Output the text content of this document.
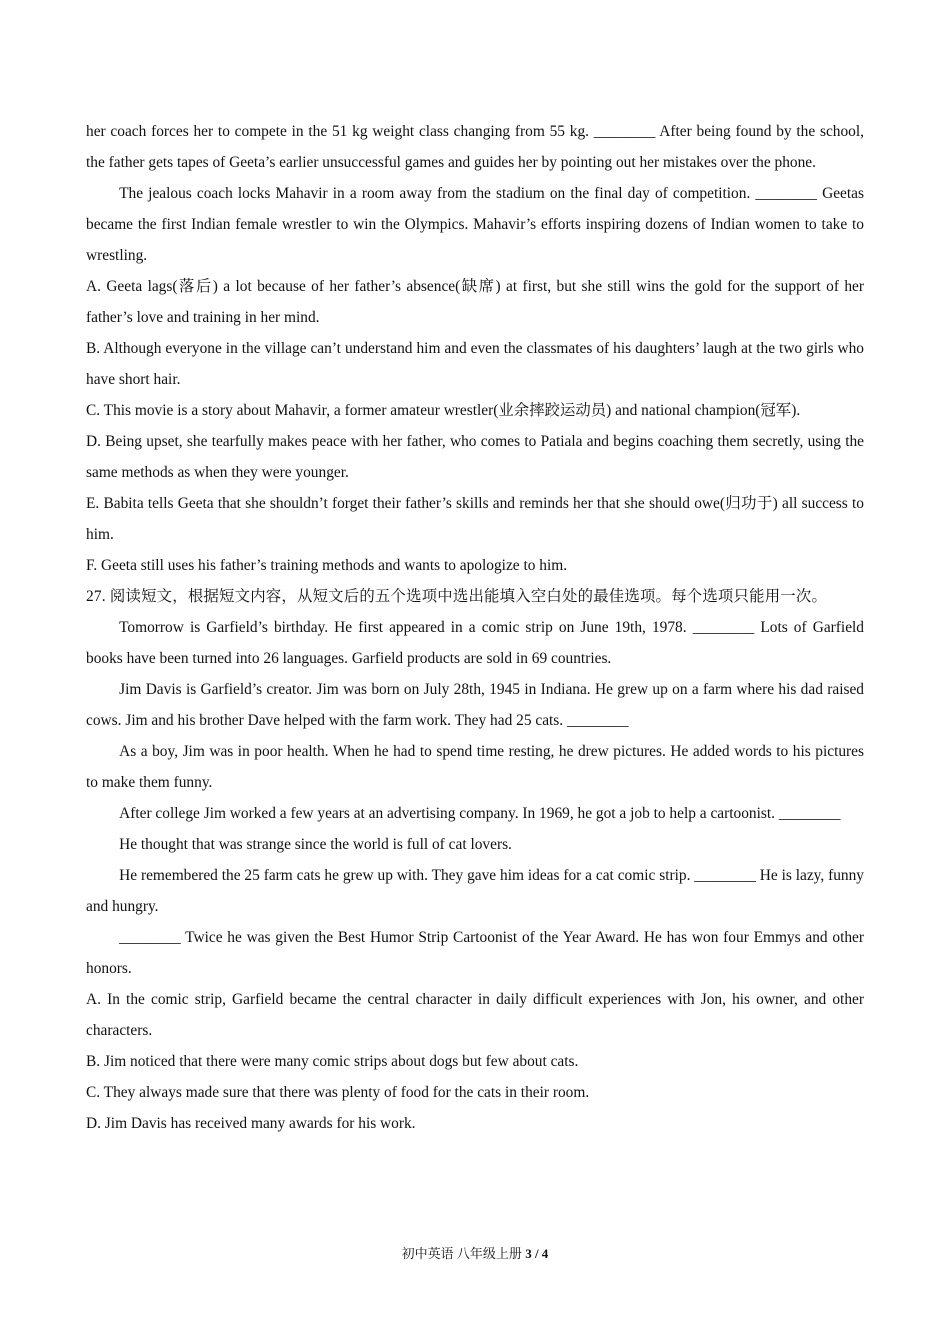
her coach forces her to compete in the 51 kg weight class changing from 55 kg. ________ After being found by the school, the father gets tapes of Geeta’s earlier unsuccessful games and guides her by pointing out her mistakes over the phone.

The jealous coach locks Mahavir in a room away from the stadium on the final day of competition. ________ Geetas became the first Indian female wrestler to win the Olympics. Mahavir’s efforts inspiring dozens of Indian women to take to wrestling.

A. Geeta lags(落后) a lot because of her father’s absence(缺席) at first, but she still wins the gold for the support of her father’s love and training in her mind.

B. Although everyone in the village can’t understand him and even the classmates of his daughters’ laugh at the two girls who have short hair.

C. This movie is a story about Mahavir, a former amateur wrestler(业余摔跤运动员) and national champion(冠军).

D. Being upset, she tearfully makes peace with her father, who comes to Patiala and begins coaching them secretly, using the same methods as when they were younger.

E. Babita tells Geeta that she shouldn’t forget their father’s skills and reminds her that she should owe(归功于) all success to him.

F. Geeta still uses his father’s training methods and wants to apologize to him.

27. 阅读短文，根据短文内容，从短文后的五个选项中选出能填入空白处的最佳选项。每个选项只能用一次。

Tomorrow is Garfield’s birthday. He first appeared in a comic strip on June 19th, 1978. ________ Lots of Garfield books have been turned into 26 languages. Garfield products are sold in 69 countries.

Jim Davis is Garfield’s creator. Jim was born on July 28th, 1945 in Indiana. He grew up on a farm where his dad raised cows. Jim and his brother Dave helped with the farm work. They had 25 cats. ________

As a boy, Jim was in poor health. When he had to spend time resting, he drew pictures. He added words to his pictures to make them funny.

After college Jim worked a few years at an advertising company. In 1969, he got a job to help a cartoonist. ________

He thought that was strange since the world is full of cat lovers.

He remembered the 25 farm cats he grew up with. They gave him ideas for a cat comic strip. ________ He is lazy, funny and hungry.

________ Twice he was given the Best Humor Strip Cartoonist of the Year Award. He has won four Emmys and other honors.

A. In the comic strip, Garfield became the central character in daily difficult experiences with Jon, his owner, and other characters.

B. Jim noticed that there were many comic strips about dogs but few about cats.

C. They always made sure that there was plenty of food for the cats in their room.

D. Jim Davis has received many awards for his work.

初中英语 八年级上册 3 / 4
